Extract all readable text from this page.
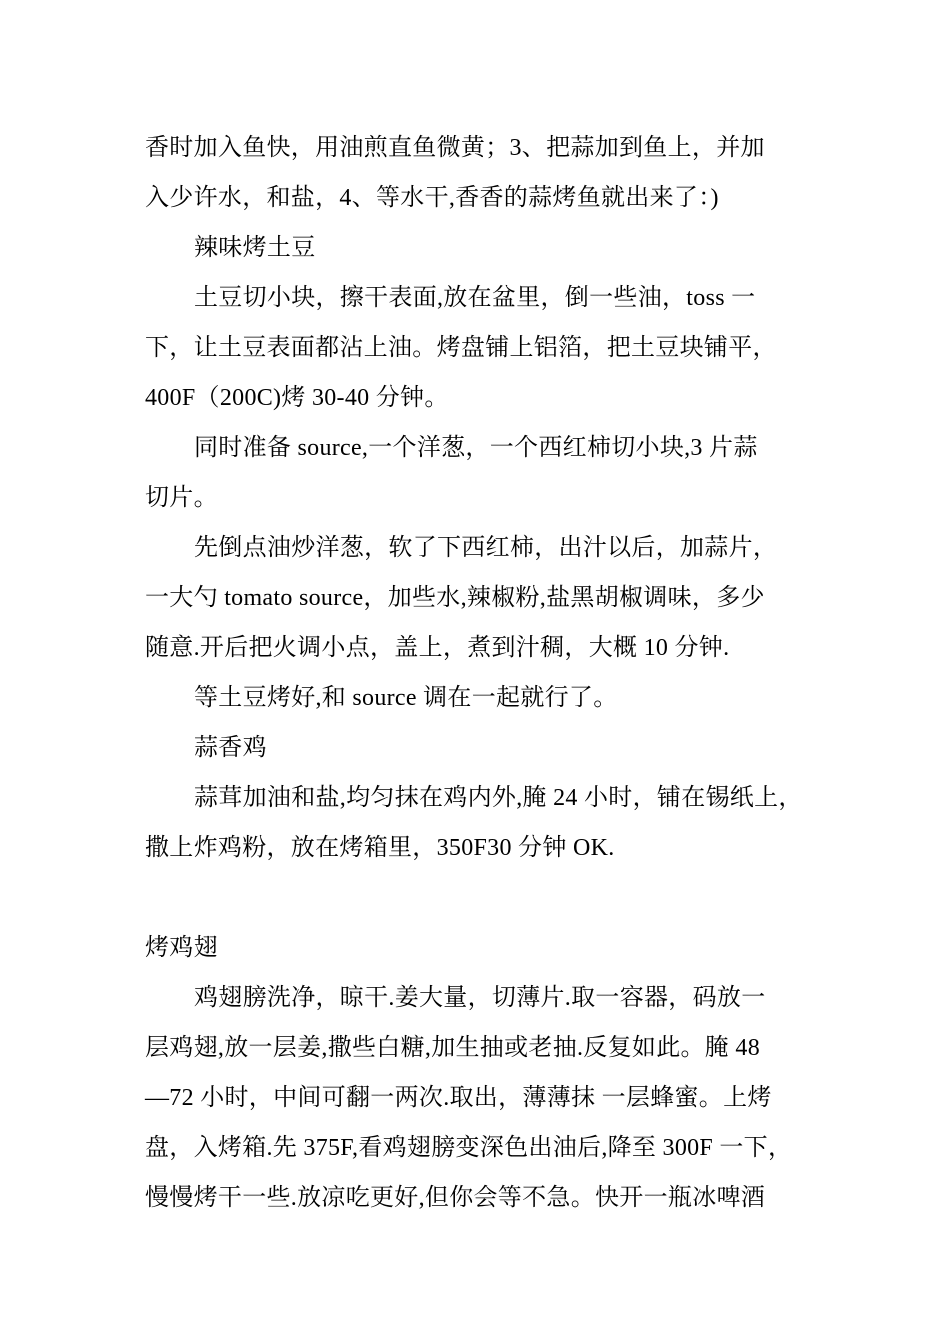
香时加入鱼快，用油煎直鱼微黄；3、把蒜加到鱼上，并加
入少许水，和盐，4、等水干,香香的蒜烤鱼就出来了：)
辣味烤土豆
土豆切小块，擦干表面,放在盆里，倒一些油，toss 一
下，让土豆表面都沾上油。烤盘铺上铝箔，把土豆块铺平，
400F（200C)烤 30-40 分钟。
同时准备 source,一个洋葱，一个西红柿切小块,3 片蒜
切片。
先倒点油炒洋葱，软了下西红柿，出汁以后，加蒜片，
一大勺 tomato source，加些水,辣椒粉,盐黑胡椒调味，多少
随意.开后把火调小点，盖上，煮到汁稠，大概 10 分钟.
等土豆烤好,和 source 调在一起就行了。
蒜香鸡
蒜茸加油和盐,均匀抹在鸡内外,腌 24 小时，铺在锡纸上，
撒上炸鸡粉，放在烤箱里，350F30 分钟 OK.
烤鸡翅
鸡翅膀洗净，晾干.姜大量，切薄片.取一容器，码放一
层鸡翅,放一层姜,撒些白糖,加生抽或老抽.反复如此。腌 48
—72 小时，中间可翻一两次.取出，薄薄抹 一层蜂蜜。上烤
盘，入烤箱.先 375F,看鸡翅膀变深色出油后,降至 300F 一下，
慢慢烤干一些.放凉吃更好,但你会等不急。快开一瓶冰啤酒
